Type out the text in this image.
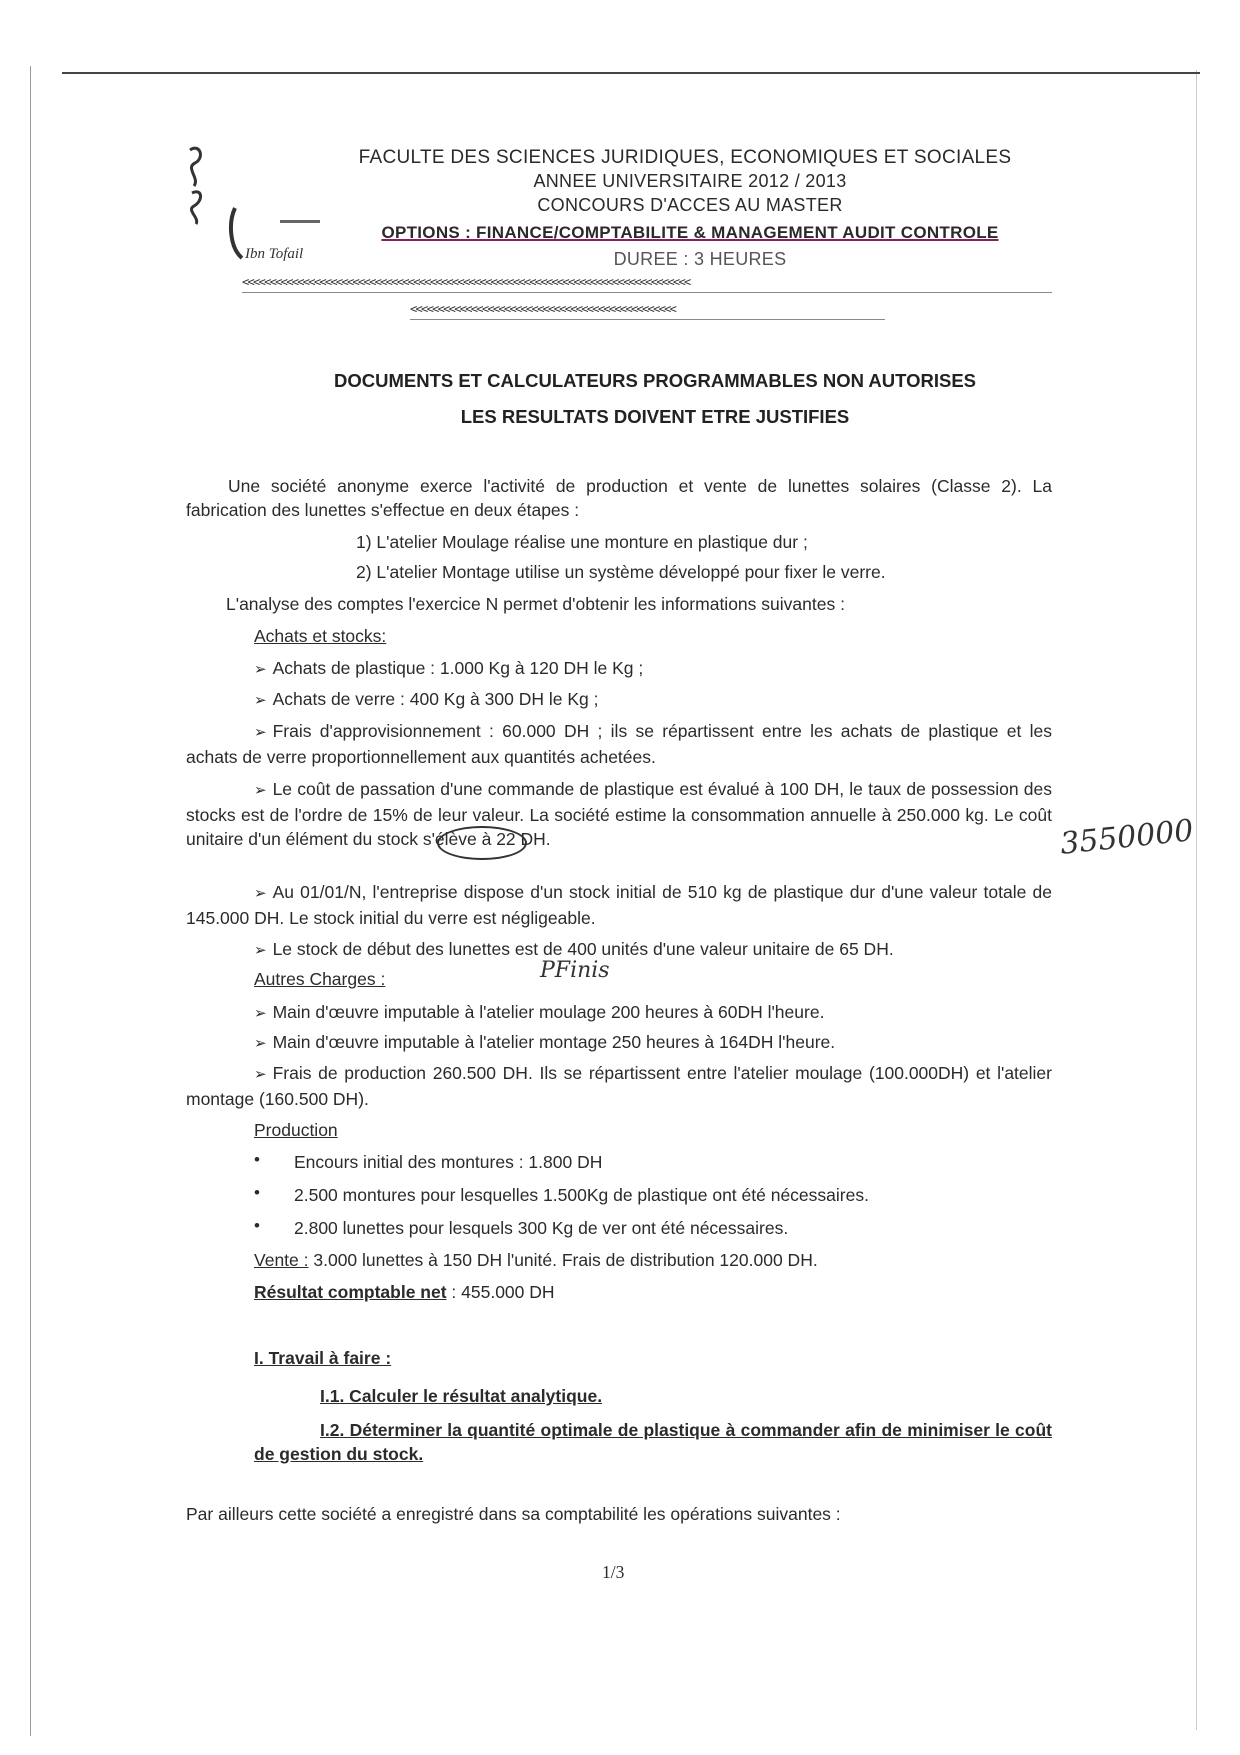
Ibn Tofail
FACULTE DES SCIENCES JURIDIQUES, ECONOMIQUES ET SOCIALES
ANNEE UNIVERSITAIRE 2012 / 2013
CONCOURS D'ACCES AU MASTER
OPTIONS : FINANCE/COMPTABILITE & MANAGEMENT AUDIT CONTROLE
DUREE : 3 HEURES
<<<<<<<<<<<<<<<<<<<<<<<<<<<<<<<<<<<<<<<<<<<<<<<<<<<<<<<<<<<<<<<<<<<<<<<<<<<<<<<<<
<<<<<<<<<<<<<<<<<<<<<<<<<<<<<<<<<<<<<<<<<<<<<<<<
DOCUMENTS ET CALCULATEURS PROGRAMMABLES NON AUTORISES
LES RESULTATS DOIVENT ETRE JUSTIFIES
Une société anonyme exerce l'activité de production et vente de lunettes solaires (Classe 2). La fabrication des lunettes s'effectue en deux étapes :
1) L'atelier Moulage réalise une monture en plastique dur ;
2) L'atelier Montage utilise un système développé pour fixer le verre.
L'analyse des comptes l'exercice N permet d'obtenir les informations suivantes :
Achats et stocks:
➢ Achats de plastique : 1.000 Kg à 120 DH le Kg ;
➢ Achats de verre : 400 Kg à 300 DH le Kg ;
➢ Frais d'approvisionnement : 60.000 DH ; ils se répartissent entre les achats de plastique et les achats de verre proportionnellement aux quantités achetées.
➢ Le coût de passation d'une commande de plastique est évalué à 100 DH, le taux de possession des stocks est de l'ordre de 15% de leur valeur. La société estime la consommation annuelle à 250.000 kg. Le coût unitaire d'un élément du stock s'élève à 22 DH.	3550000
➢ Au 01/01/N, l'entreprise dispose d'un stock initial de 510 kg de plastique dur d'une valeur totale de 145.000 DH. Le stock initial du verre est négligeable.
➢ Le stock de début des lunettes est de 400 unités d'une valeur unitaire de 65 DH.
Autres Charges :	PFinis
➢ Main d'œuvre imputable à l'atelier moulage 200 heures à 60DH l'heure.
➢ Main d'œuvre imputable à l'atelier montage 250 heures à 164DH l'heure.
➢ Frais de production 260.500 DH. Ils se répartissent entre l'atelier moulage (100.000DH) et l'atelier montage (160.500 DH).
Production
• Encours initial des montures : 1.800 DH
• 2.500 montures pour lesquelles 1.500Kg de plastique ont été nécessaires.
• 2.800 lunettes pour lesquels 300 Kg de ver ont été nécessaires.
Vente : 3.000 lunettes à 150 DH l'unité. Frais de distribution 120.000 DH.
Résultat comptable net : 455.000 DH
I. Travail à faire :
I.1. Calculer le résultat analytique.
I.2. Déterminer la quantité optimale de plastique à commander afin de minimiser le coût de gestion du stock.
Par ailleurs cette société a enregistré dans sa comptabilité les opérations suivantes :
1/3
